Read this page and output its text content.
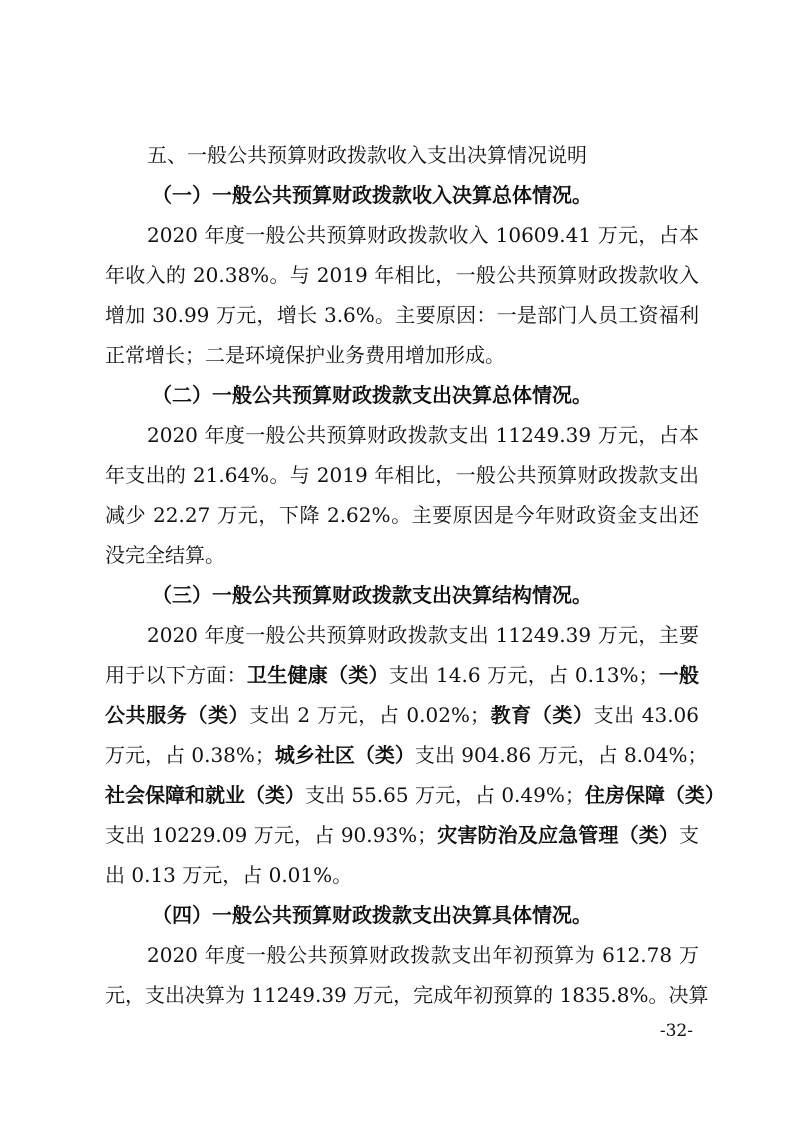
五、一般公共预算财政拨款收入支出决算情况说明
（一）一般公共预算财政拨款收入决算总体情况。
2020 年度一般公共预算财政拨款收入 10609.41 万元，占本
年收入的 20.38%。与 2019 年相比，一般公共预算财政拨款收入
增加 30.99 万元，增长 3.6%。主要原因：一是部门人员工资福利
正常增长；二是环境保护业务费用增加形成。
（二）一般公共预算财政拨款支出决算总体情况。
2020 年度一般公共预算财政拨款支出 11249.39 万元，占本
年支出的 21.64%。与 2019 年相比，一般公共预算财政拨款支出
减少 22.27 万元，下降 2.62%。主要原因是今年财政资金支出还
没完全结算。
（三）一般公共预算财政拨款支出决算结构情况。
2020 年度一般公共预算财政拨款支出 11249.39 万元，主要
用于以下方面：卫生健康（类）支出 14.6 万元，占 0.13%；一般
公共服务（类）支出 2 万元，占 0.02%；教育（类）支出 43.06
万元，占 0.38%；城乡社区（类）支出 904.86 万元，占 8.04%；
社会保障和就业（类）支出 55.65 万元，占 0.49%；住房保障（类）
支出 10229.09 万元，占 90.93%；灾害防治及应急管理（类）支
出 0.13 万元，占 0.01%。
（四）一般公共预算财政拨款支出决算具体情况。
2020 年度一般公共预算财政拨款支出年初预算为 612.78 万
元，支出决算为 11249.39 万元，完成年初预算的 1835.8%。决算
-32-
